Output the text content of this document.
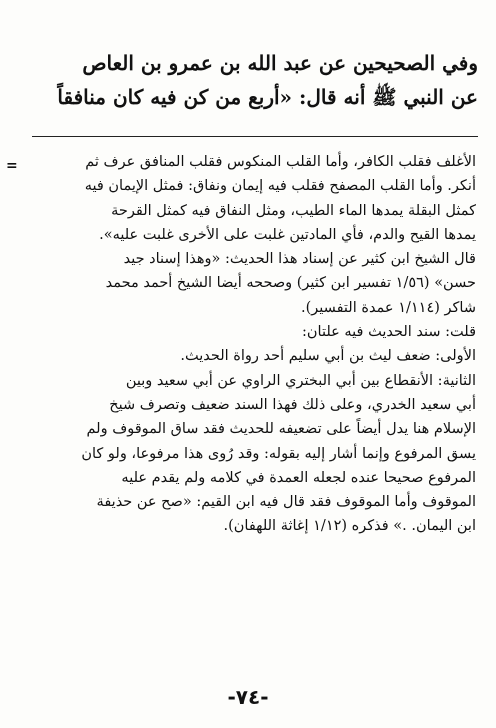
وفي الصحيحين عن عبد الله بن عمرو بن العاص
عن النبي ﷺ أنه قال: «أربع من كن فيه كان منافقاً
=	الأغلف فقلب الكافر، وأما القلب المنكوس فقلب المنافق عرف ثم
أنكر. وأما القلب المصفح فقلب فيه إيمان ونفاق: فمثل الإيمان فيه
كمثل البقلة يمدها الماء الطيب، ومثل النفاق فيه كمثل القرحة
يمدها القيح والدم، فأي المادتين غلبت على الأخرى غلبت عليه».
قال الشيخ ابن كثير عن إسناد هذا الحديث: «وهذا إسناد جيد
حسن» (١/٥٦ تفسير ابن كثير) وصححه أيضا الشيخ أحمد محمد
شاكر (١/١١٤ عمدة التفسير).
قلت: سند الحديث فيه علتان:
الأولى: ضعف ليث بن أبي سليم أحد رواة الحديث.
الثانية: الأنقطاع بين أبي البختري الراوي عن أبي سعيد وبين
أبي سعيد الخدري، وعلى ذلك فهذا السند ضعيف وتصرف شيخ
الإسلام هنا يدل أيضاً على تضعيفه للحديث فقد ساق الموقوف ولم
يسق المرفوع وإنما أشار إليه بقوله: وقد رُوى هذا مرفوعا، ولو كان
المرفوع صحيحا عنده لجعله العمدة في كلامه ولم يقدم عليه
الموقوف وأما الموقوف فقد قال فيه ابن القيم: «صح عن حذيفة
ابن اليمان. .» فذكره (١/١٢ إغاثة اللهفان).
-٧٤-
